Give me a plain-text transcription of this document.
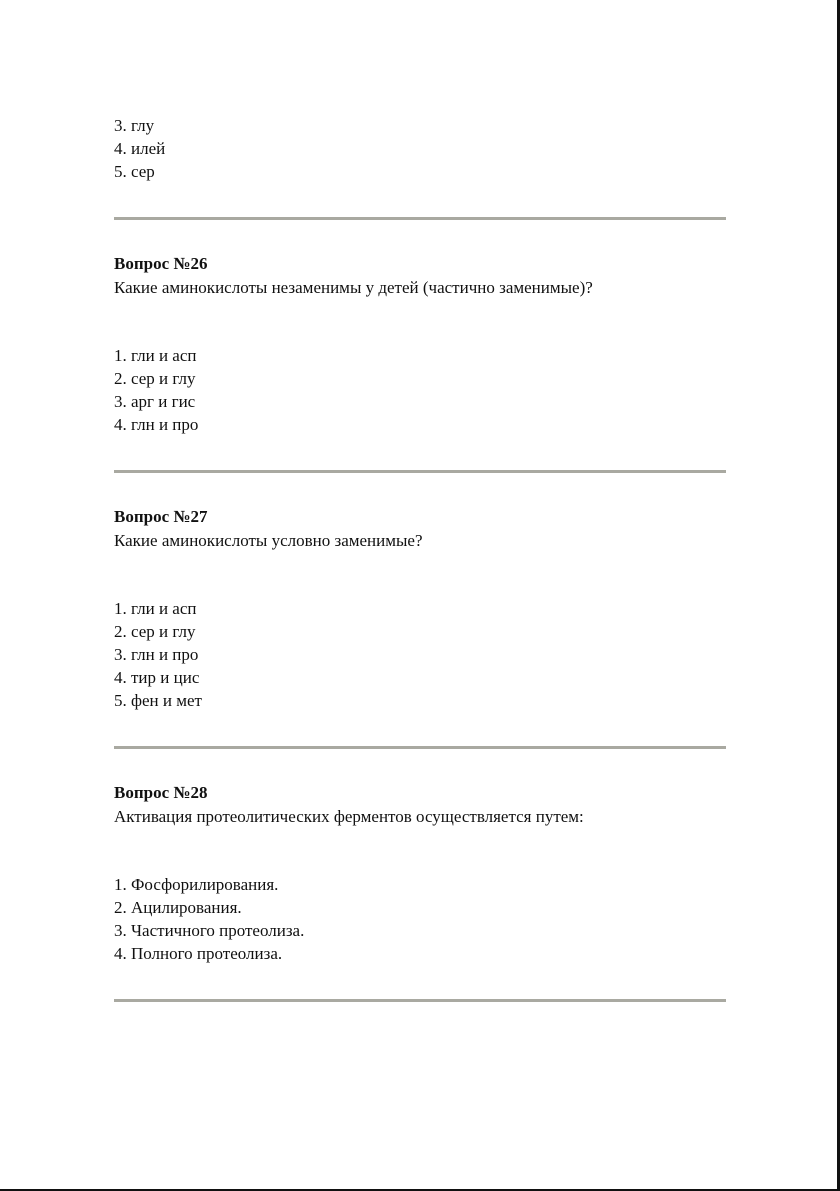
3. глу
4. илей
5. сер
Вопрос №26
Какие аминокислоты незаменимы у детей (частично заменимые)?
1. гли и асп
2. сер и глу
3. арг и гис
4. глн и про
Вопрос №27
Какие аминокислоты условно заменимые?
1. гли и асп
2. сер и глу
3. глн и про
4. тир и цис
5. фен и мет
Вопрос №28
Активация протеолитических ферментов осуществляется путем:
1. Фосфорилирования.
2. Ацилирования.
3. Частичного протеолиза.
4. Полного протеолиза.
